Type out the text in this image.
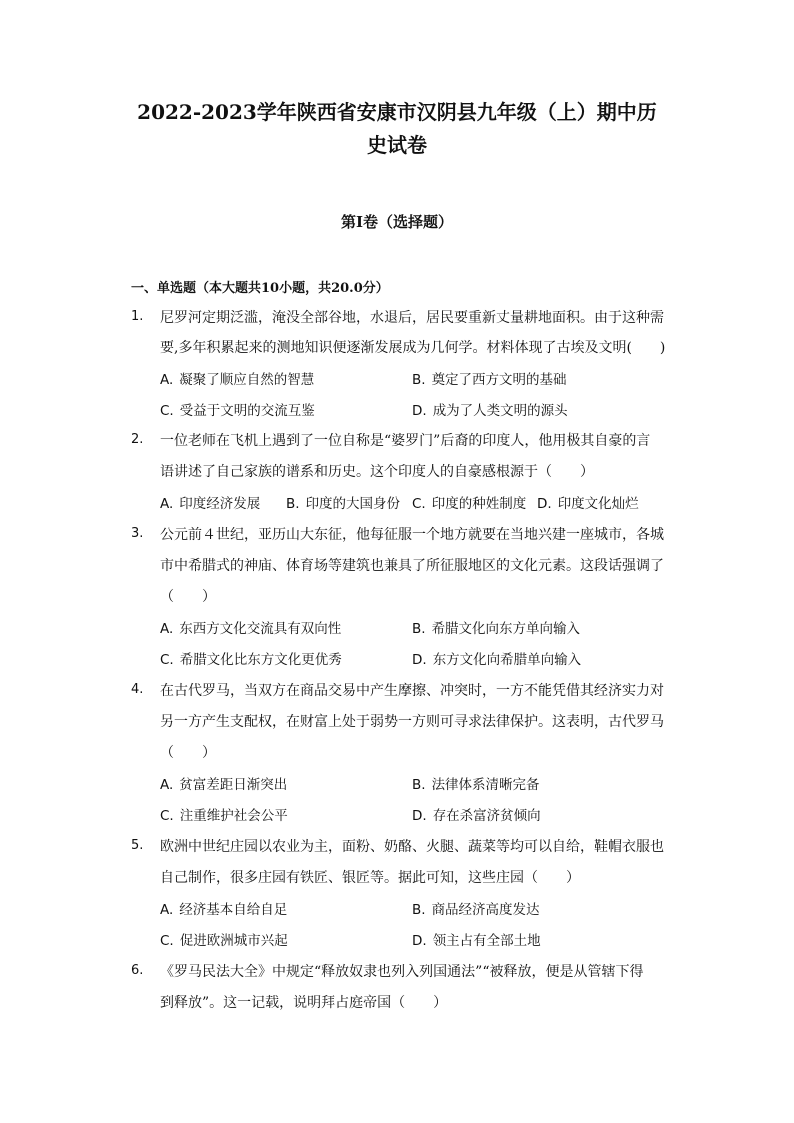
2022-2023学年陕西省安康市汉阴县九年级（上）期中历
史试卷
第I卷（选择题）
一、单选题（本大题共10小题，共20.0分）
1. 尼罗河定期泛滥，淹没全部谷地，水退后，居民要重新丈量耕地面积。由于这种需
要,多年积累起来的测地知识便逐渐发展成为几何学。材料体现了古埃及文明(　　)
A. 凝聚了顺应自然的智慧	B. 奠定了西方文明的基础
C. 受益于文明的交流互鉴	D. 成为了人类文明的源头
2. 一位老师在飞机上遇到了一位自称是“婆罗门”后裔的印度人，他用极其自豪的言
语讲述了自己家族的谱系和历史。这个印度人的自豪感根源于（　　）
A. 印度经济发展 B. 印度的大国身份 C. 印度的种姓制度 D. 印度文化灿烂
3. 公元前４世纪，亚历山大东征，他每征服一个地方就要在当地兴建一座城市，各城
市中希腊式的神庙、体育场等建筑也兼具了所征服地区的文化元素。这段话强调了
（　　）
A. 东西方文化交流具有双向性	B. 希腊文化向东方单向输入
C. 希腊文化比东方文化更优秀	D. 东方文化向希腊单向输入
4. 在古代罗马，当双方在商品交易中产生摩擦、冲突时，一方不能凭借其经济实力对
另一方产生支配权，在财富上处于弱势一方则可寻求法律保护。这表明，古代罗马
（　　）
A. 贫富差距日渐突出	B. 法律体系清晰完备
C. 注重维护社会公平	D. 存在杀富济贫倾向
5. 欧洲中世纪庄园以农业为主，面粉、奶酪、火腿、蔬菜等均可以自给，鞋帽衣服也
自己制作，很多庄园有铁匠、银匠等。据此可知，这些庄园（　　）
A. 经济基本自给自足	B. 商品经济高度发达
C. 促进欧洲城市兴起	D. 领主占有全部土地
6. 《罗马民法大全》中规定“释放奴隶也列入列国通法”“被释放，便是从管辖下得
到释放”。这一记载，说明拜占庭帝国（　　）
